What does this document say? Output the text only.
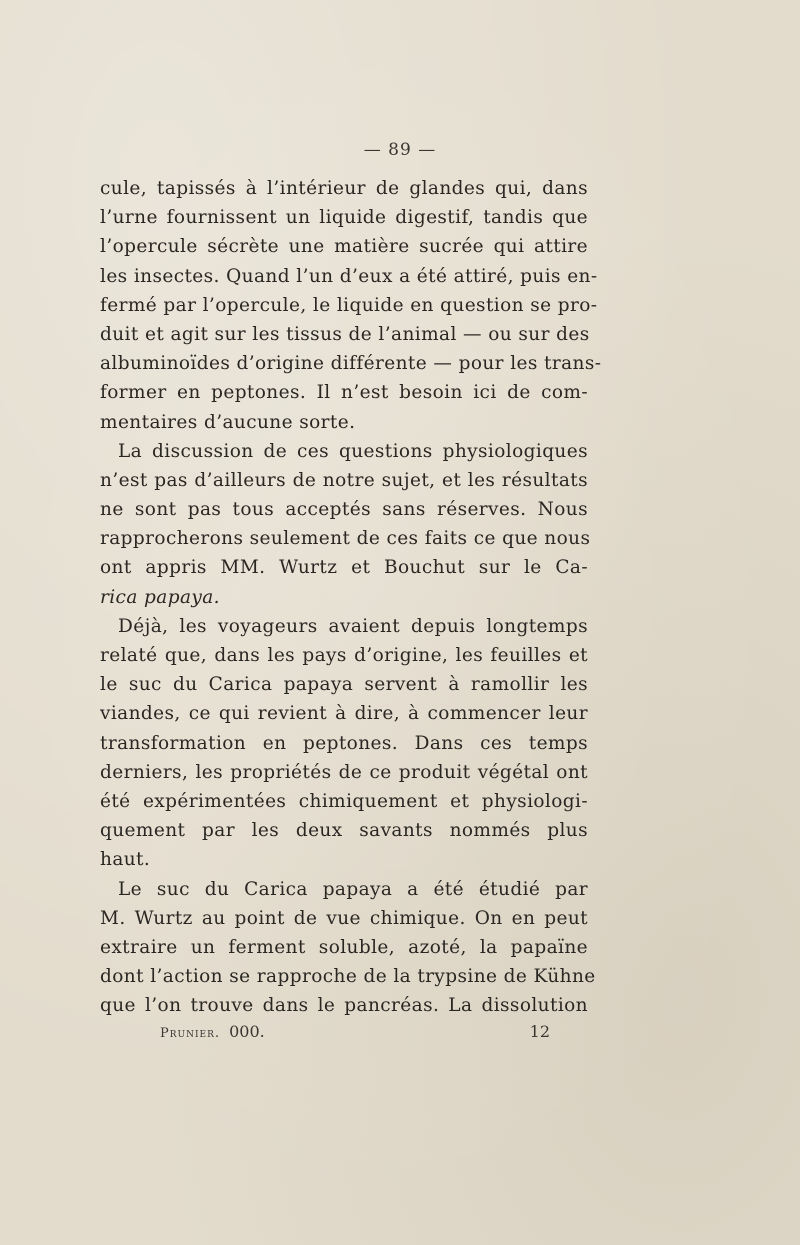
— 89 —
cule, tapissés à l’intérieur de glandes qui, dans
l’urne fournissent un liquide digestif, tandis que
l’opercule sécrète une matière sucrée qui attire
les insectes. Quand l’un d’eux a été attiré, puis en-
fermé par l’opercule, le liquide en question se pro-
duit et agit sur les tissus de l’animal — ou sur des
albuminoïdes d’origine différente — pour les trans-
former en peptones. Il n’est besoin ici de com-
mentaires d’aucune sorte.
La discussion de ces questions physiologiques
n’est pas d’ailleurs de notre sujet, et les résultats
ne sont pas tous acceptés sans réserves. Nous
rapprocherons seulement de ces faits ce que nous
ont appris MM. Wurtz et Bouchut sur le Ca-
rica papaya.
Déjà, les voyageurs avaient depuis longtemps
relaté que, dans les pays d’origine, les feuilles et
le suc du Carica papaya servent à ramollir les
viandes, ce qui revient à dire, à commencer leur
transformation en peptones. Dans ces temps
derniers, les propriétés de ce produit végétal ont
été expérimentées chimiquement et physiologi-
quement par les deux savants nommés plus
haut.
Le suc du Carica papaya a été étudié par
M. Wurtz au point de vue chimique. On en peut
extraire un ferment soluble, azoté, la papaïne
dont l’action se rapproche de la trypsine de Kühne
que l’on trouve dans le pancréas. La dissolution
Prunier. 000.	12
